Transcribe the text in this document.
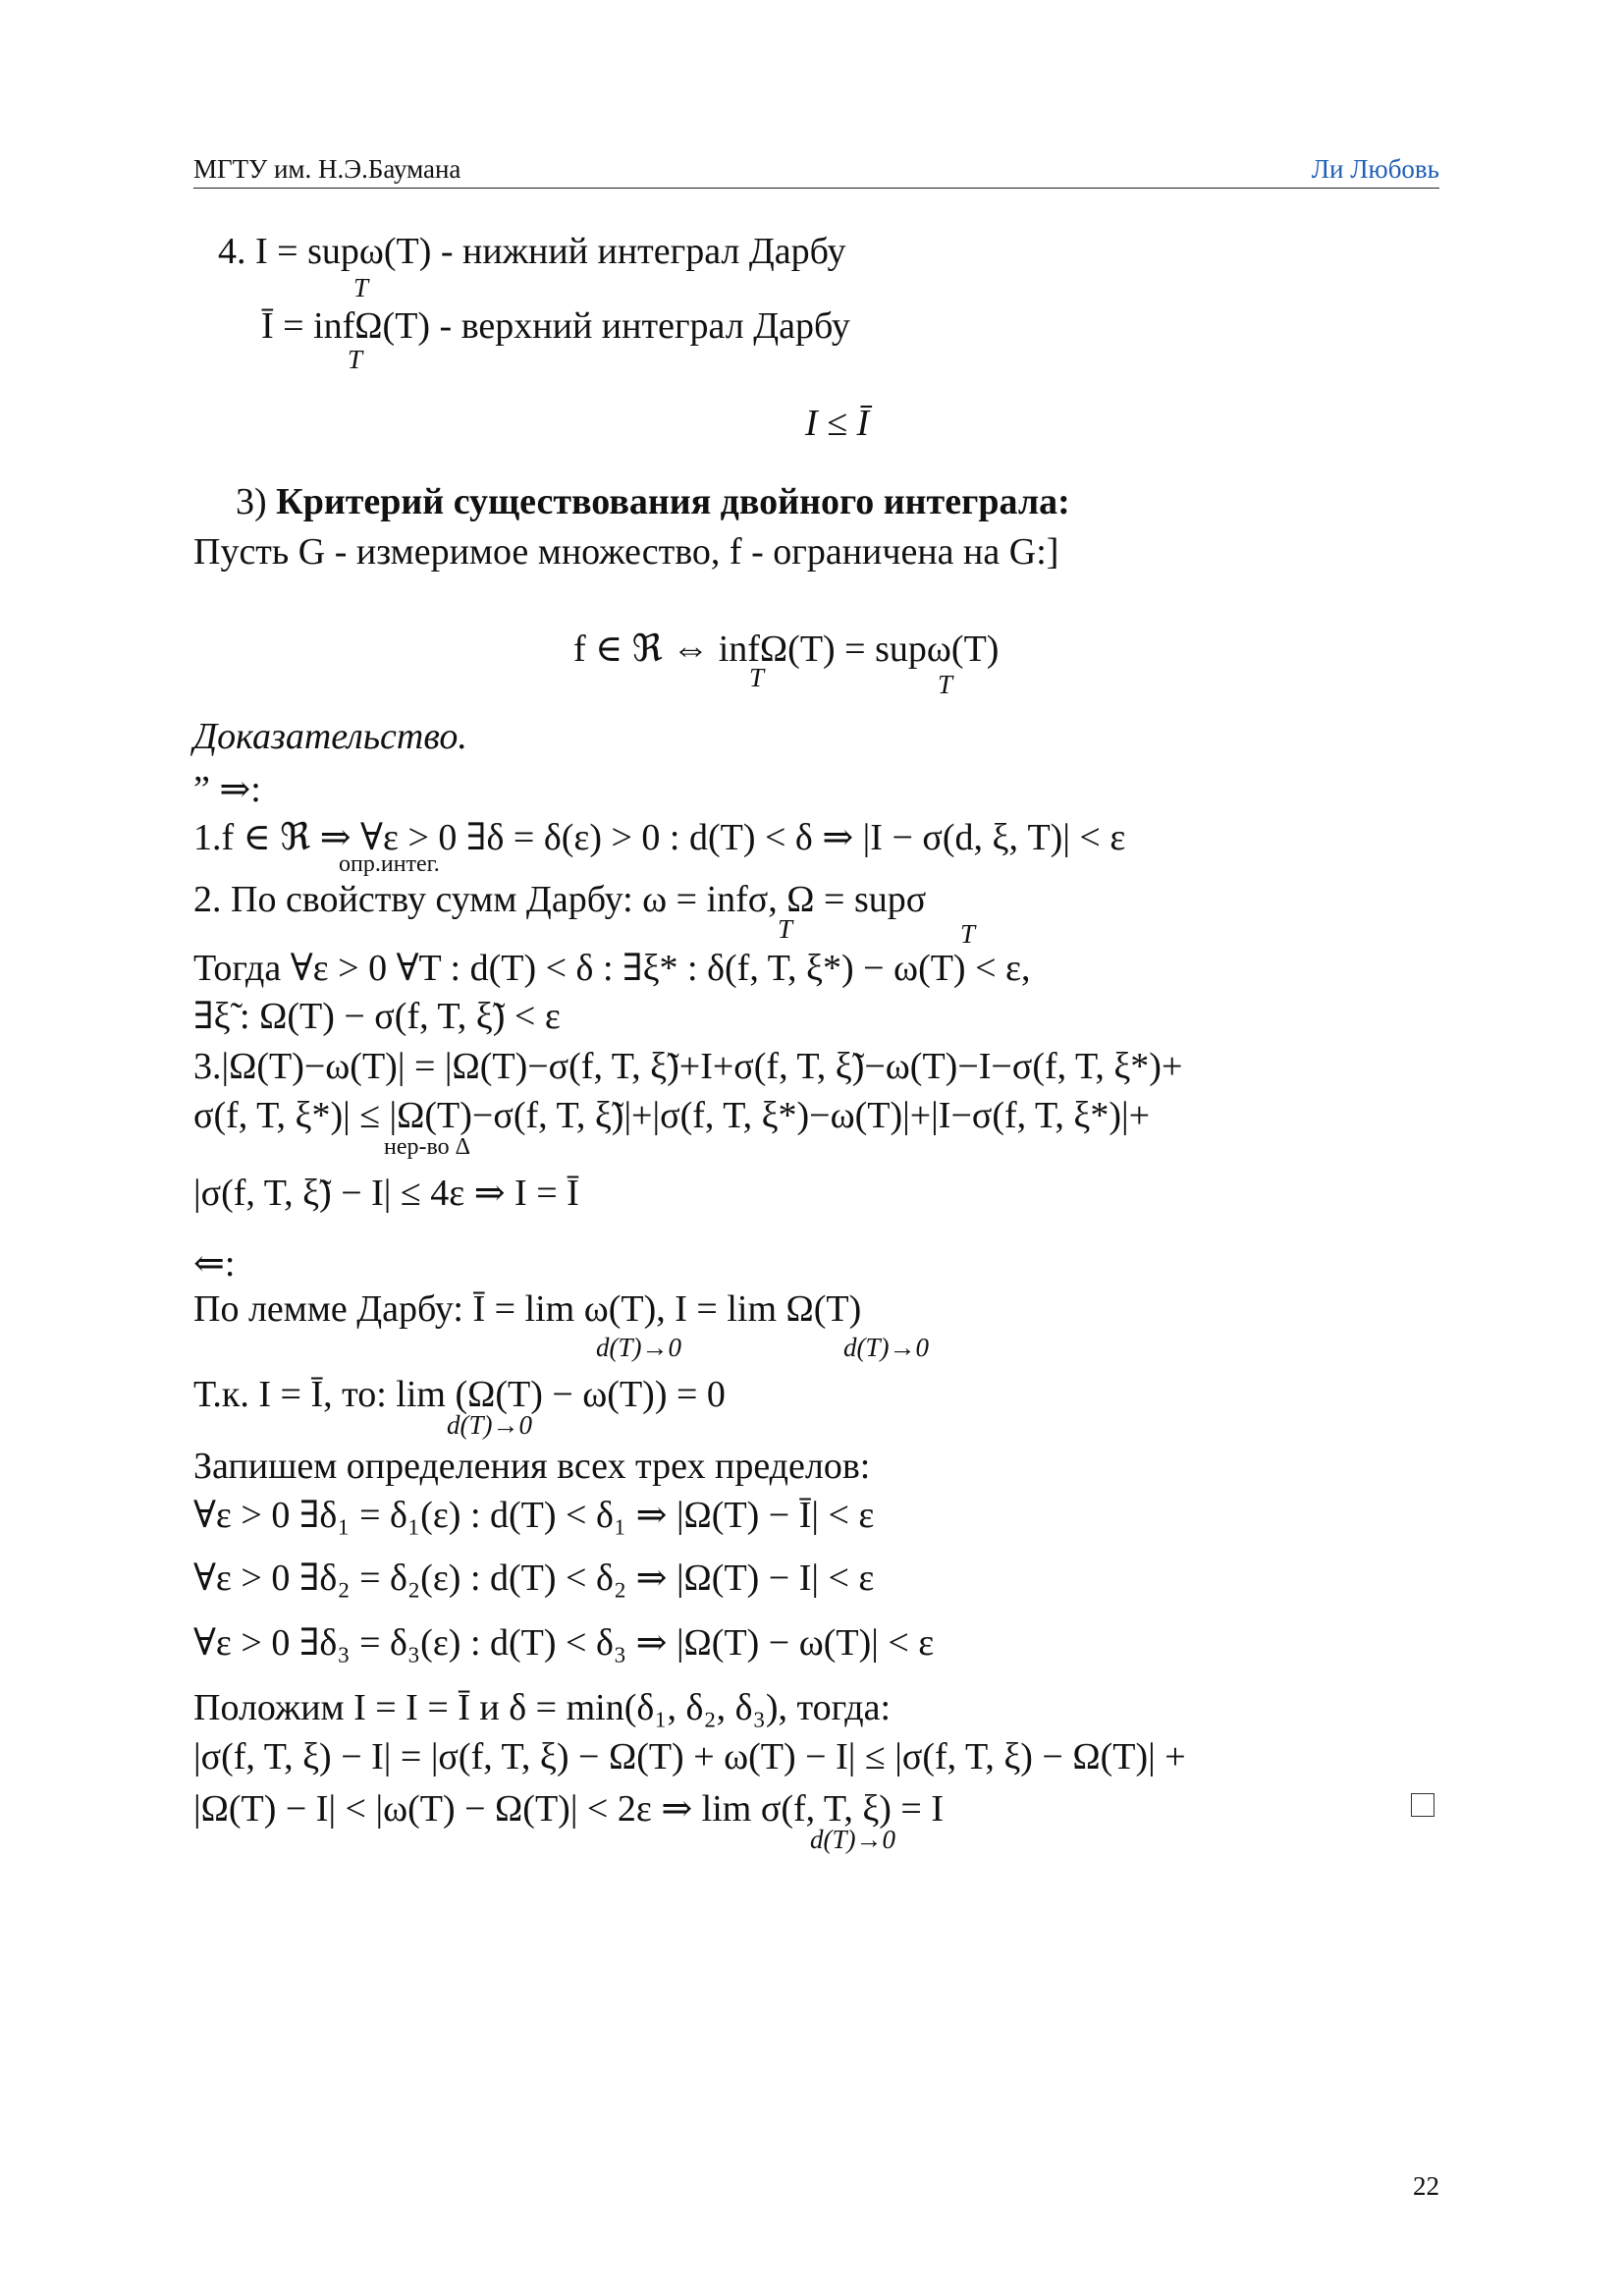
МГТУ им. Н.Э.Баумана	Ли Любовь
4. I = supω(T) - нижний интеграл Дарбу
T
Ī = infΩ(T) - верхний интеграл Дарбу
T
I ≤ Ī
3) Критерий существования двойного интеграла:
Пусть G - измеримое множество, f - ограничена на G:]
f ∈ ℜ ⇔ infΩ(T) = supω(T)
T	T
Доказательство.
” ⇒:
1.f ∈ ℜ ⇒ ∀ε > 0 ∃δ = δ(ε) > 0 : d(T) < δ ⇒ |I − σ(d, ξ, T)| < ε
опр.интег.
2. По свойству сумм Дарбу: ω = infσ, Ω = supσ
T	T
Тогда ∀ε > 0 ∀T : d(T) < δ : ∃ξ* : δ(f, T, ξ*) − ω(T) < ε,
∃ξ̃ : Ω(T) − σ(f, T, ξ̃) < ε
3.|Ω(T)−ω(T)| = |Ω(T)−σ(f, T, ξ̃)+I+σ(f, T, ξ̃)−ω(T)−I−σ(f, T, ξ*)+
σ(f, T, ξ*)| ≤ |Ω(T)−σ(f, T, ξ̃)|+|σ(f, T, ξ*)−ω(T)|+|I−σ(f, T, ξ*)|+
нер-во Δ
|σ(f, T, ξ̃) − I| ≤ 4ε ⇒ I = Ī
⇐:
По лемме Дарбу: Ī = lim ω(T), I = lim Ω(T)
d(T)→0	d(T)→0
Т.к. I = Ī, то: lim (Ω(T) − ω(T)) = 0
d(T)→0
Запишем определения всех трех пределов:
∀ε > 0 ∃δ₁ = δ₁(ε) : d(T) < δ₁ ⇒ |Ω(T) − Ī| < ε
∀ε > 0 ∃δ₂ = δ₂(ε) : d(T) < δ₂ ⇒ |Ω(T) − I| < ε
∀ε > 0 ∃δ₃ = δ₃(ε) : d(T) < δ₃ ⇒ |Ω(T) − ω(T)| < ε
Положим I = I = Ī и δ = min(δ₁, δ₂, δ₃), тогда:
|σ(f, T, ξ) − I| = |σ(f, T, ξ) − Ω(T) + ω(T) − I| ≤ |σ(f, T, ξ) − Ω(T)| +
|Ω(T) − I| < |ω(T) − Ω(T)| < 2ε ⇒ lim σ(f, T, ξ) = I
d(T)→0
22
